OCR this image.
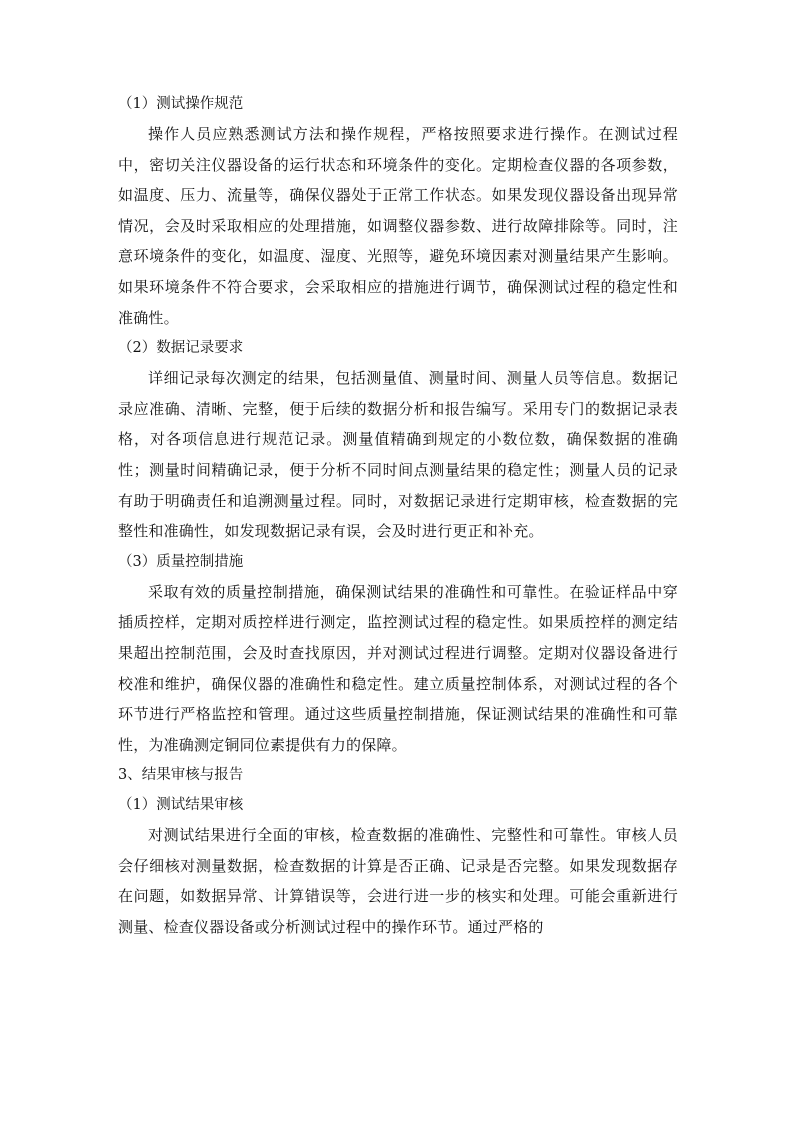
（1）测试操作规范

操作人员应熟悉测试方法和操作规程，严格按照要求进行操作。在测试过程中，密切关注仪器设备的运行状态和环境条件的变化。定期检查仪器的各项参数，如温度、压力、流量等，确保仪器处于正常工作状态。如果发现仪器设备出现异常情况，会及时采取相应的处理措施，如调整仪器参数、进行故障排除等。同时，注意环境条件的变化，如温度、湿度、光照等，避免环境因素对测量结果产生影响。如果环境条件不符合要求，会采取相应的措施进行调节，确保测试过程的稳定性和准确性。

（2）数据记录要求

详细记录每次测定的结果，包括测量值、测量时间、测量人员等信息。数据记录应准确、清晰、完整，便于后续的数据分析和报告编写。采用专门的数据记录表格，对各项信息进行规范记录。测量值精确到规定的小数位数，确保数据的准确性；测量时间精确记录，便于分析不同时间点测量结果的稳定性；测量人员的记录有助于明确责任和追溯测量过程。同时，对数据记录进行定期审核，检查数据的完整性和准确性，如发现数据记录有误，会及时进行更正和补充。

（3）质量控制措施

采取有效的质量控制措施，确保测试结果的准确性和可靠性。在验证样品中穿插质控样，定期对质控样进行测定，监控测试过程的稳定性。如果质控样的测定结果超出控制范围，会及时查找原因，并对测试过程进行调整。定期对仪器设备进行校准和维护，确保仪器的准确性和稳定性。建立质量控制体系，对测试过程的各个环节进行严格监控和管理。通过这些质量控制措施，保证测试结果的准确性和可靠性，为准确测定铜同位素提供有力的保障。

3、结果审核与报告

（1）测试结果审核

对测试结果进行全面的审核，检查数据的准确性、完整性和可靠性。审核人员会仔细核对测量数据，检查数据的计算是否正确、记录是否完整。如果发现数据存在问题，如数据异常、计算错误等，会进行进一步的核实和处理。可能会重新进行测量、检查仪器设备或分析测试过程中的操作环节。通过严格的
